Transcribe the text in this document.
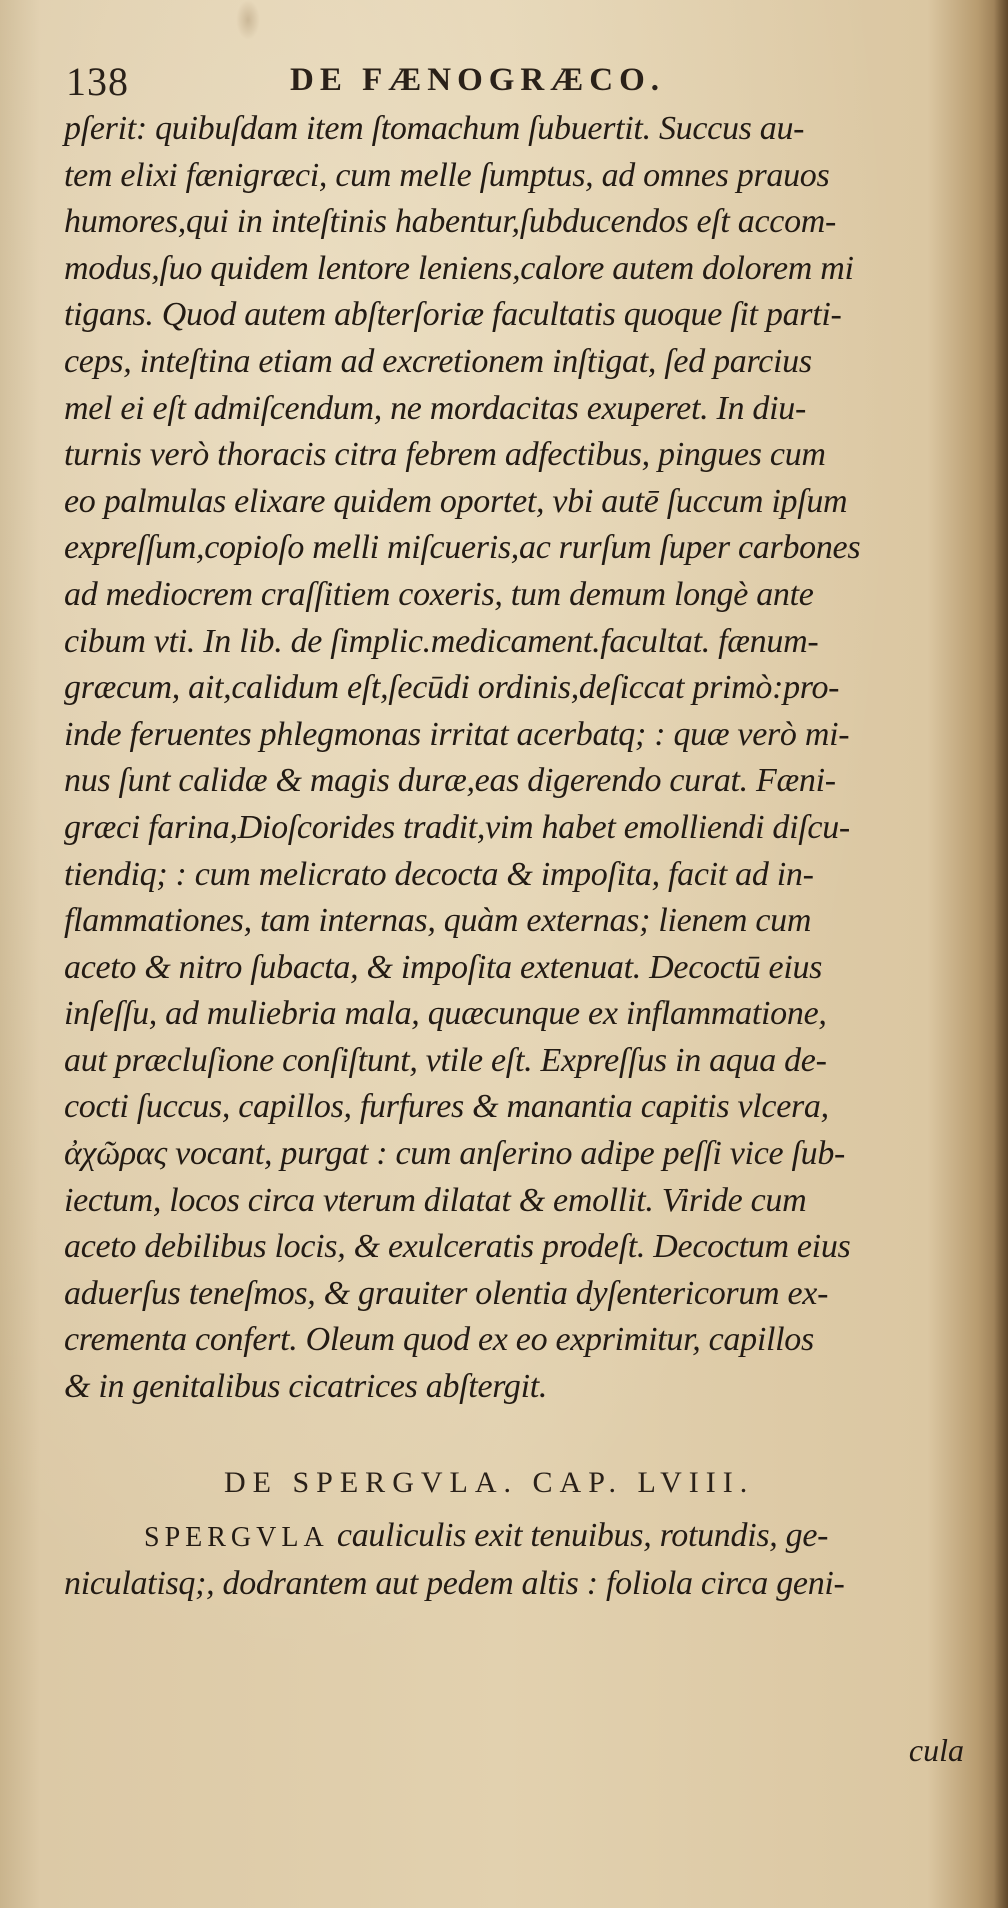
138	DE FÆNOGRÆCO.
pſerit: quibuſdam item ſtomachum ſubuertit. Succus au-
tem elixi fænigræci, cum melle ſumptus, ad omnes prauos
humores,qui in inteſtinis habentur,ſubducendos eſt accom-
modus,ſuo quidem lentore leniens,calore autem dolorem mi
tigans. Quod autem abſterſoriæ facultatis quoque ſit parti-
ceps, inteſtina etiam ad excretionem inſtigat, ſed parcius
mel ei eſt admiſcendum, ne mordacitas exuperet. In diu-
turnis verò thoracis citra febrem adfectibus, pingues cum
eo palmulas elixare quidem oportet, vbi autē ſuccum ipſum
expreſſum,copioſo melli miſcueris,ac rurſum ſuper carbones
ad mediocrem craſſitiem coxeris, tum demum longè ante
cibum vti. In lib. de ſimplic.medicament.facultat. fænum-
græcum, ait,calidum eſt,ſecūdi ordinis,deſiccat primò:pro-
inde feruentes phlegmonas irritat acerbatq; : quæ verò mi-
nus ſunt calidæ & magis duræ,eas digerendo curat. Fæni-
græci farina,Dioſcorides tradit,vim habet emolliendi diſcu-
tiendiq; : cum melicrato decocta & impoſita, facit ad in-
flammationes, tam internas, quàm externas; lienem cum
aceto & nitro ſubacta, & impoſita extenuat. Decoctū eius
inſeſſu, ad muliebria mala, quæcunque ex inflammatione,
aut præcluſione conſiſtunt, vtile eſt. Expreſſus in aqua de-
cocti ſuccus, capillos, furfures & manantia capitis vlcera,
ἀχῶρας vocant, purgat : cum anſerino adipe peſſi vice ſub-
iectum, locos circa vterum dilatat & emollit. Viride cum
aceto debilibus locis, & exulceratis prodeſt. Decoctum eius
aduerſus teneſmos, & grauiter olentia dyſentericorum ex-
crementa confert. Oleum quod ex eo exprimitur, capillos
& in genitalibus cicatrices abſtergit.
DE SPERGVLA. CAP. LVIII.
SPERGVLA cauliculis exit tenuibus, rotundis, ge-
niculatisq;, dodrantem aut pedem altis : foliola circa geni-
cula
